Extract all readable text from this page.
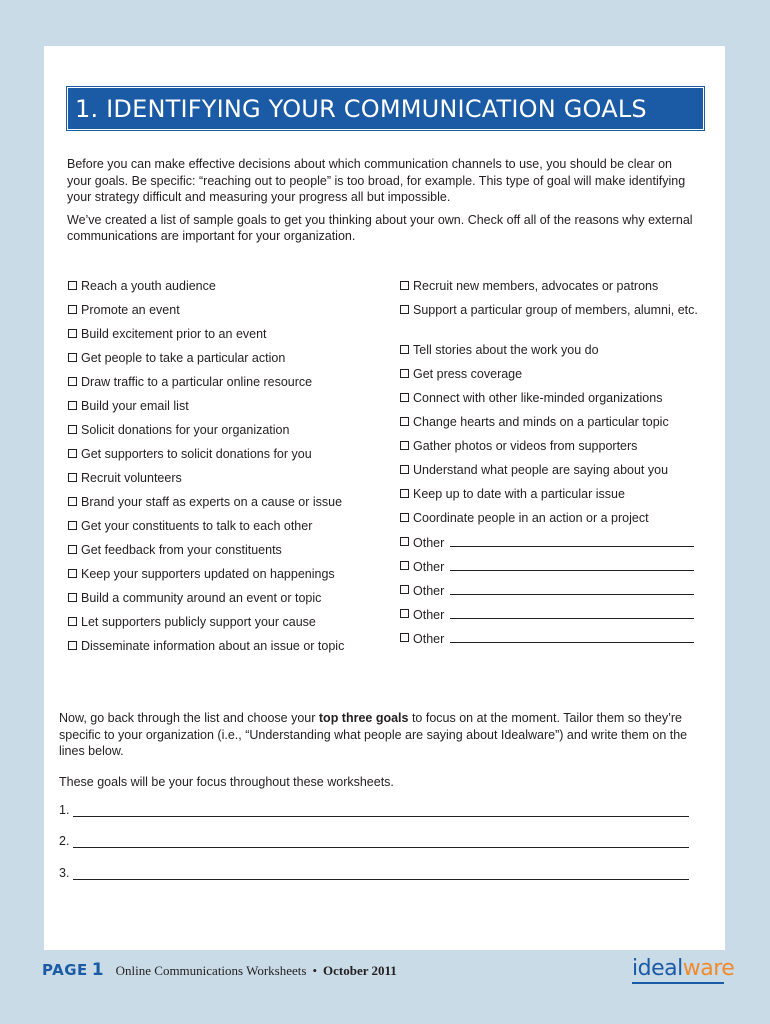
1. IDENTIFYING YOUR COMMUNICATION GOALS

Before you can make effective decisions about which communication channels to use, you should be clear on your goals. Be specific: “reaching out to people” is too broad, for example. This type of goal will make identifying your strategy difficult and measuring your progress all but impossible.

We’ve created a list of sample goals to get you thinking about your own. Check off all of the reasons why external communications are important for your organization.

Reach a youth audience
Promote an event
Build excitement prior to an event
Get people to take a particular action
Draw traffic to a particular online resource
Build your email list
Solicit donations for your organization
Get supporters to solicit donations for you
Recruit volunteers
Brand your staff as experts on a cause or issue
Get your constituents to talk to each other
Get feedback from your constituents
Keep your supporters updated on happenings
Build a community around an event or topic
Let supporters publicly support your cause
Disseminate information about an issue or topic
Recruit new members, advocates or patrons
Support a particular group of members, alumni, etc.
Tell stories about the work you do
Get press coverage
Connect with other like-minded organizations
Change hearts and minds on a particular topic
Gather photos or videos from supporters
Understand what people are saying about you
Keep up to date with a particular issue
Coordinate people in an action or a project
Other
Other
Other
Other
Other

Now, go back through the list and choose your top three goals to focus on at the moment. Tailor them so they’re specific to your organization (i.e., “Understanding what people are saying about Idealware”) and write them on the lines below.

These goals will be your focus throughout these worksheets.

1.
2.
3.
PAGE 1 Online Communications Worksheets • October 2011	idealware
